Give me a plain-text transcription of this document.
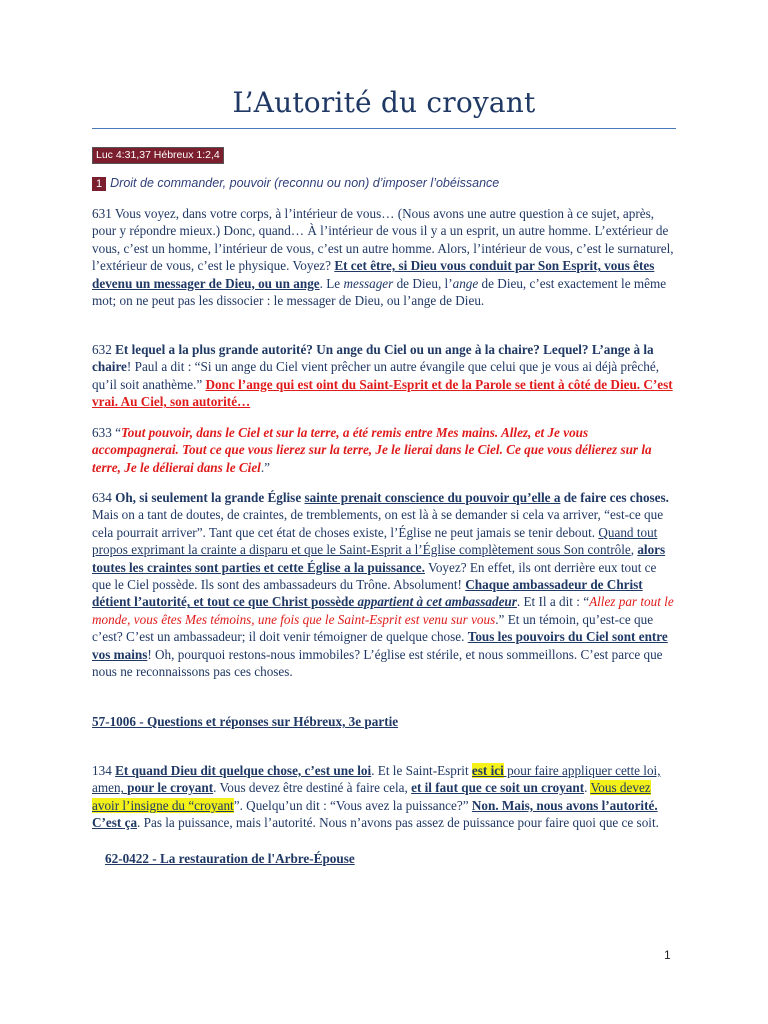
L’Autorité du croyant
Luc 4:31,37 Hébreux 1:2,4
1 Droit de commander, pouvoir (reconnu ou non) d’imposer l’obéissance
631 Vous voyez, dans votre corps, à l’intérieur de vous… (Nous avons une autre question à ce sujet, après, pour y répondre mieux.) Donc, quand… À l’intérieur de vous il y a un esprit, un autre homme. L’extérieur de vous, c’est un homme, l’intérieur de vous, c’est un autre homme. Alors, l’intérieur de vous, c’est le surnaturel, l’extérieur de vous, c’est le physique. Voyez? Et cet être, si Dieu vous conduit par Son Esprit, vous êtes devenu un messager de Dieu, ou un ange. Le messager de Dieu, l’ange de Dieu, c’est exactement le même mot; on ne peut pas les dissocier : le messager de Dieu, ou l’ange de Dieu.
632 Et lequel a la plus grande autorité? Un ange du Ciel ou un ange à la chaire? Lequel? L’ange à la chaire! Paul a dit : “Si un ange du Ciel vient prêcher un autre évangile que celui que je vous ai déjà prêché, qu’il soit anathème.” Donc l’ange qui est oint du Saint-Esprit et de la Parole se tient à côté de Dieu. C’est vrai. Au Ciel, son autorité…
633 “Tout pouvoir, dans le Ciel et sur la terre, a été remis entre Mes mains. Allez, et Je vous accompagnerai. Tout ce que vous lierez sur la terre, Je le lierai dans le Ciel. Ce que vous délierez sur la terre, Je le délierai dans le Ciel.”
634 Oh, si seulement la grande Église sainte prenait conscience du pouvoir qu’elle a de faire ces choses. Mais on a tant de doutes, de craintes, de tremblements, on est là à se demander si cela va arriver, “est-ce que cela pourrait arriver”. Tant que cet état de choses existe, l’Église ne peut jamais se tenir debout. Quand tout propos exprimant la crainte a disparu et que le Saint-Esprit a l’Église complètement sous Son contrôle, alors toutes les craintes sont parties et cette Église a la puissance. Voyez? En effet, ils ont derrière eux tout ce que le Ciel possède. Ils sont des ambassadeurs du Trône. Absolument! Chaque ambassadeur de Christ détient l’autorité, et tout ce que Christ possède appartient à cet ambassadeur. Et Il a dit : “Allez par tout le monde, vous êtes Mes témoins, une fois que le Saint-Esprit est venu sur vous.” Et un témoin, qu’est-ce que c’est? C’est un ambassadeur; il doit venir témoigner de quelque chose. Tous les pouvoirs du Ciel sont entre vos mains! Oh, pourquoi restons-nous immobiles? L’église est stérile, et nous sommeillons. C’est parce que nous ne reconnaissons pas ces choses.
57-1006 - Questions et réponses sur Hébreux, 3e partie
134 Et quand Dieu dit quelque chose, c’est une loi. Et le Saint-Esprit est ici pour faire appliquer cette loi, amen, pour le croyant. Vous devez être destiné à faire cela, et il faut que ce soit un croyant. Vous devez avoir l’insigne du “croyant”. Quelqu’un dit : “Vous avez la puissance?” Non. Mais, nous avons l’autorité. C’est ça. Pas la puissance, mais l’autorité. Nous n’avons pas assez de puissance pour faire quoi que ce soit.
62-0422 - La restauration de l'Arbre-Épouse
1
